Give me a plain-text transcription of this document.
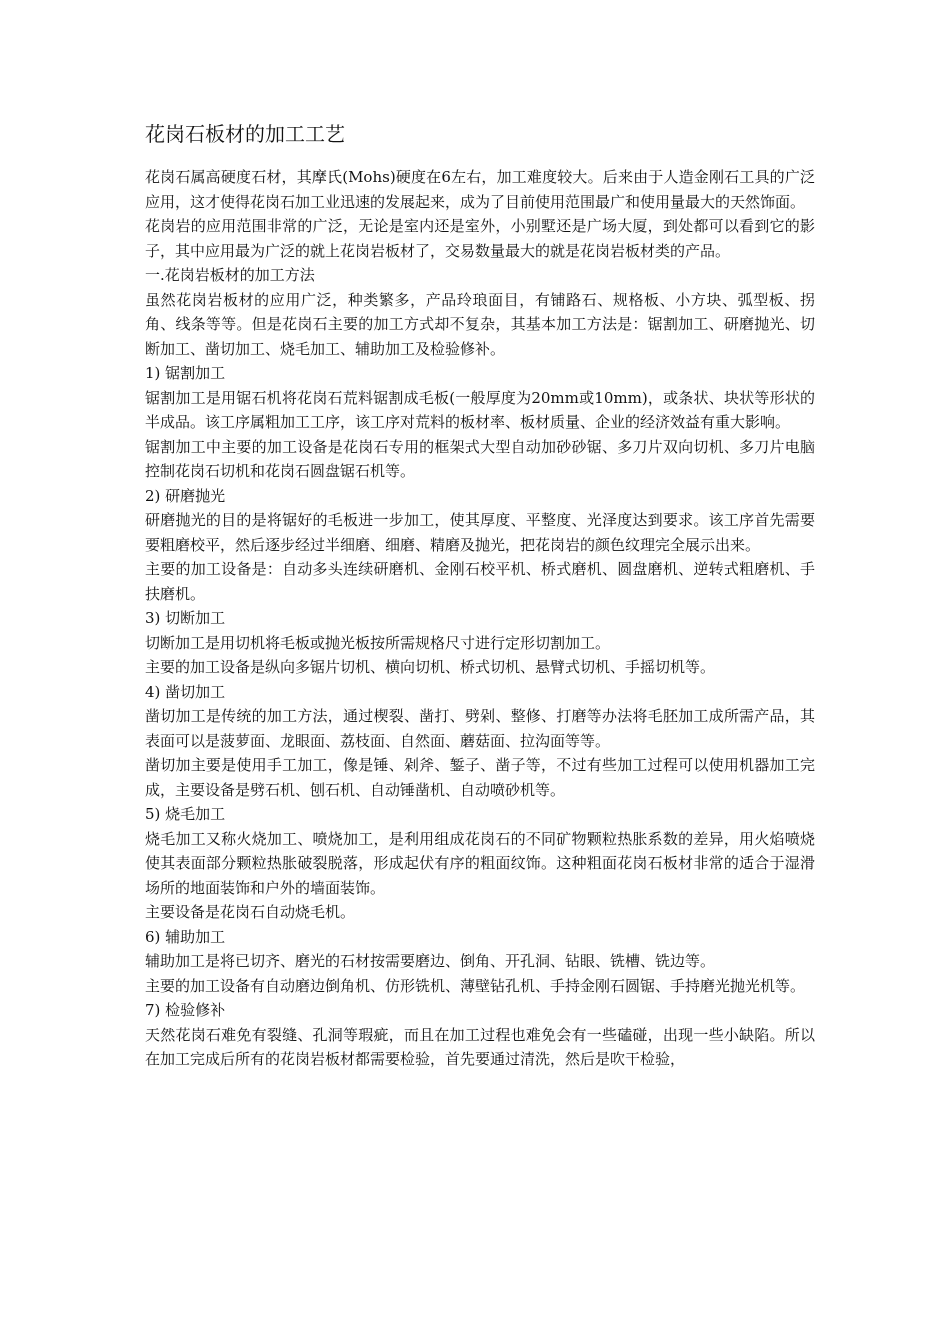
花岗石板材的加工工艺

花岗石属高硬度石材，其摩氏(Mohs)硬度在6左右，加工难度较大。后来由于人造金刚石工具的广泛应用，这才使得花岗石加工业迅速的发展起来，成为了目前使用范围最广和使用量最大的天然饰面。

花岗岩的应用范围非常的广泛，无论是室内还是室外，小别墅还是广场大厦，到处都可以看到它的影子，其中应用最为广泛的就上花岗岩板材了，交易数量最大的就是花岗岩板材类的产品。

一.花岗岩板材的加工方法

虽然花岗岩板材的应用广泛，种类繁多，产品玲琅面目，有铺路石、规格板、小方块、弧型板、拐角、线条等等。但是花岗石主要的加工方式却不复杂，其基本加工方法是：锯割加工、研磨抛光、切断加工、凿切加工、烧毛加工、辅助加工及检验修补。

1) 锯割加工

锯割加工是用锯石机将花岗石荒料锯割成毛板(一般厚度为20mm或10mm)，或条状、块状等形状的半成品。该工序属粗加工工序，该工序对荒料的板材率、板材质量、企业的经济效益有重大影响。

锯割加工中主要的加工设备是花岗石专用的框架式大型自动加砂砂锯、多刀片双向切机、多刀片电脑控制花岗石切机和花岗石圆盘锯石机等。

2) 研磨抛光

研磨抛光的目的是将锯好的毛板进一步加工，使其厚度、平整度、光泽度达到要求。该工序首先需要要粗磨校平，然后逐步经过半细磨、细磨、精磨及抛光，把花岗岩的颜色纹理完全展示出来。

主要的加工设备是：自动多头连续研磨机、金刚石校平机、桥式磨机、圆盘磨机、逆转式粗磨机、手扶磨机。

3) 切断加工

切断加工是用切机将毛板或抛光板按所需规格尺寸进行定形切割加工。

主要的加工设备是纵向多锯片切机、横向切机、桥式切机、悬臂式切机、手摇切机等。

4) 凿切加工

凿切加工是传统的加工方法，通过楔裂、凿打、劈剁、整修、打磨等办法将毛胚加工成所需产品，其表面可以是菠萝面、龙眼面、荔枝面、自然面、蘑菇面、拉沟面等等。

凿切加主要是使用手工加工，像是锤、剁斧、錾子、凿子等，不过有些加工过程可以使用机器加工完成，主要设备是劈石机、刨石机、自动锤凿机、自动喷砂机等。

5) 烧毛加工

烧毛加工又称火烧加工、喷烧加工，是利用组成花岗石的不同矿物颗粒热胀系数的差异，用火焰喷烧使其表面部分颗粒热胀破裂脱落，形成起伏有序的粗面纹饰。这种粗面花岗石板材非常的适合于湿滑场所的地面装饰和户外的墙面装饰。

主要设备是花岗石自动烧毛机。

6) 辅助加工

辅助加工是将已切齐、磨光的石材按需要磨边、倒角、开孔洞、钻眼、铣槽、铣边等。

主要的加工设备有自动磨边倒角机、仿形铣机、薄壁钻孔机、手持金刚石圆锯、手持磨光抛光机等。

7) 检验修补

天然花岗石难免有裂缝、孔洞等瑕疵，而且在加工过程也难免会有一些磕碰，出现一些小缺陷。所以在加工完成后所有的花岗岩板材都需要检验，首先要通过清洗，然后是吹干检验，
